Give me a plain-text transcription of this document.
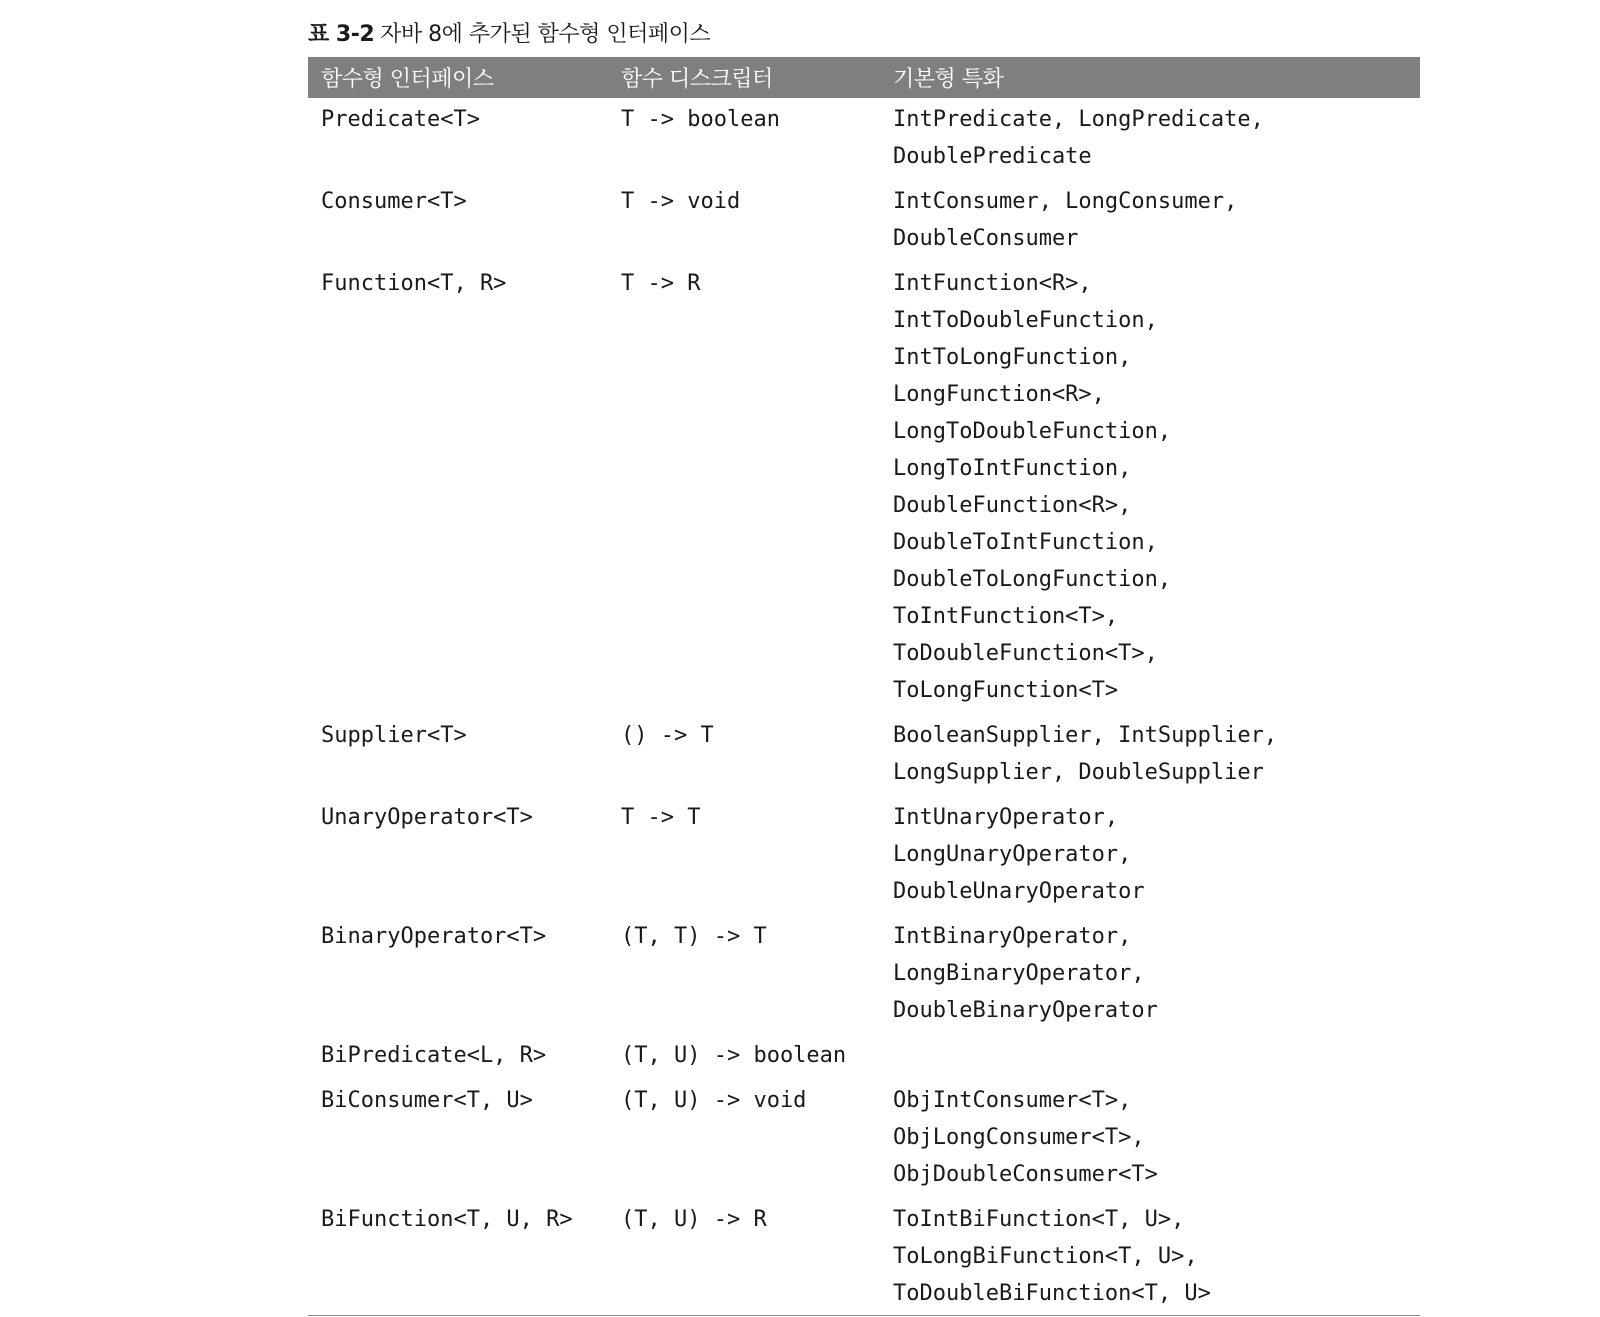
표 3-2 자바 8에 추가된 함수형 인터페이스
함수형 인터페이스	함수 디스크립터	기본형 특화
Predicate<T>	T -> boolean	IntPredicate, LongPredicate,
DoublePredicate
Consumer<T>	T -> void	IntConsumer, LongConsumer,
DoubleConsumer
Function<T, R>	T -> R	IntFunction<R>,
IntToDoubleFunction,
IntToLongFunction,
LongFunction<R>,
LongToDoubleFunction,
LongToIntFunction,
DoubleFunction<R>,
DoubleToIntFunction,
DoubleToLongFunction,
ToIntFunction<T>,
ToDoubleFunction<T>,
ToLongFunction<T>
Supplier<T>	() -> T	BooleanSupplier, IntSupplier,
LongSupplier, DoubleSupplier
UnaryOperator<T>	T -> T	IntUnaryOperator,
LongUnaryOperator,
DoubleUnaryOperator
BinaryOperator<T>	(T, T) -> T	IntBinaryOperator,
LongBinaryOperator,
DoubleBinaryOperator
BiPredicate<L, R>	(T, U) -> boolean
BiConsumer<T, U>	(T, U) -> void	ObjIntConsumer<T>,
ObjLongConsumer<T>,
ObjDoubleConsumer<T>
BiFunction<T, U, R>	(T, U) -> R	ToIntBiFunction<T, U>,
ToLongBiFunction<T, U>,
ToDoubleBiFunction<T, U>
